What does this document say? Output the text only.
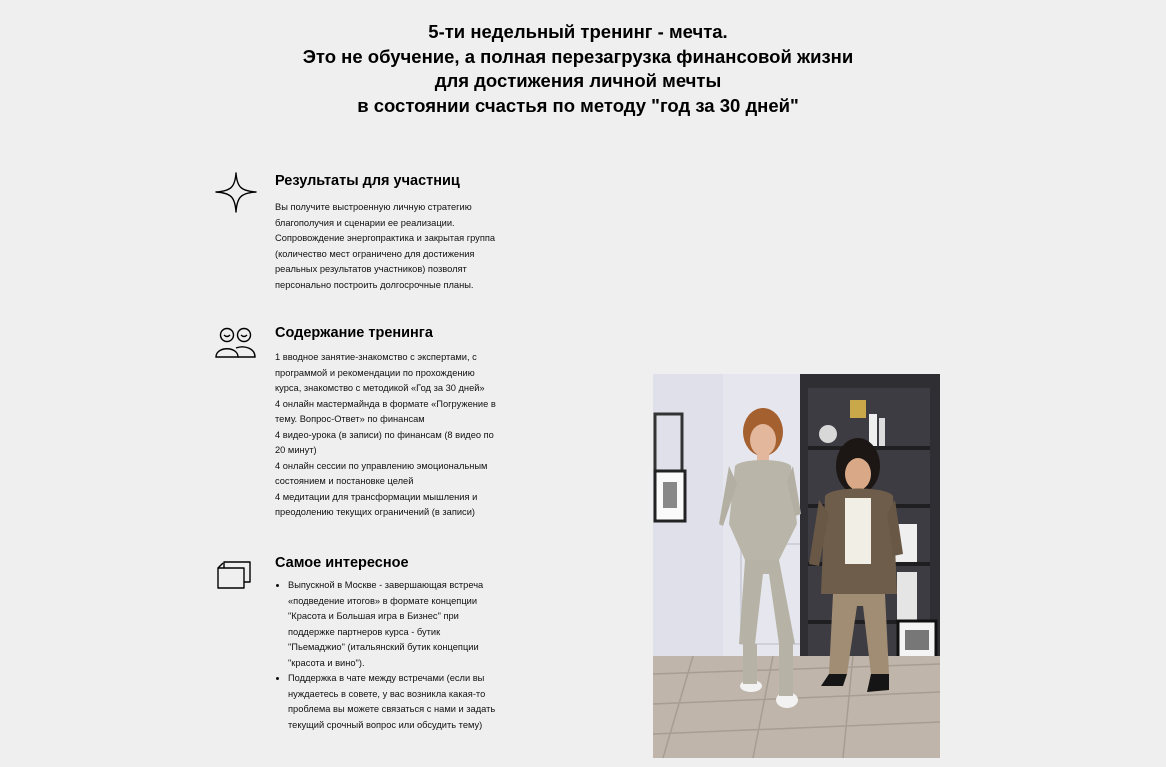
5-ти недельный тренинг - мечта.
Это не обучение, а полная перезагрузка финансовой жизни
для достижения личной мечты
в состоянии счастья по методу "год за 30 дней"
Результаты для участниц

Вы получите выстроенную личную стратегию

благополучия и сценарии ее реализации.

Сопровождение энергопрактика и закрытая группа

(количество мест ограничено для достижения

реальных результатов участников) позволят

персонально построить долгосрочные планы.

Содержание тренинга

1 вводное занятие-знакомство с экспертами, с

программой и рекомендации по прохождению

курса, знакомство с методикой «Год за 30 дней»

4 онлайн мастермайнда в формате «Погружение в

тему. Вопрос-Ответ» по финансам

4 видео-урока (в записи) по финансам (8 видео по

20 минут)

4 онлайн сессии по управлению эмоциональным

состоянием и постановке целей

4 медитации для трансформации мышления и

преодолению текущих ограничений (в записи)

Самое интересное
• Выпускной в Москве - завершающая встреча
«подведение итогов» в формате концепции
"Красота и Большая игра в Бизнес" при
поддержке партнеров курса - бутик
"Пьемаджио" (итальянский бутик концепции
"красота и вино").
• Поддержка в чате между встречами (если вы
нуждаетесь в совете, у вас возникла какая-то
проблема вы можете связаться с нами и задать
текущий срочный вопрос или обсудить тему)
